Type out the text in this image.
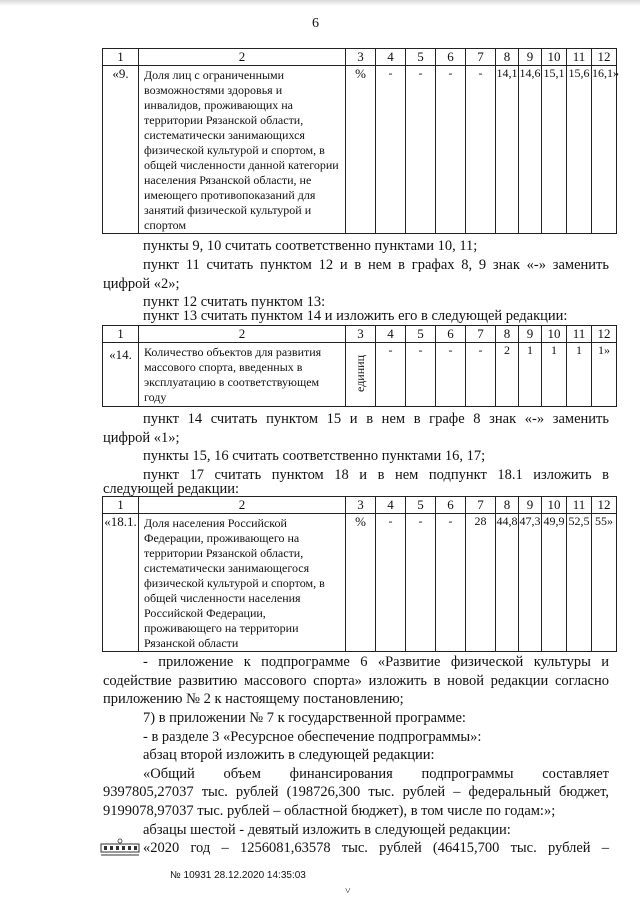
6
1	2	3	4	5	6	7	8	9	10	11	12
«9.	Доля лиц с ограниченными возможностями здоровья и инвалидов, проживающих на территории Рязанской области, систематически занимающихся физической культурой и спортом, в общей численности данной категории населения Рязанской области, не имеющего противопоказаний для занятий физической культурой и спортом	%	-	-	-	-	14,1	14,6	15,1	15,6	16,1»
пункты 9, 10 считать соответственно пунктами 10, 11;
пункт 11 считать пунктом 12 и в нем в графах 8, 9 знак «-» заменить
цифрой «2»;
пункт 12 считать пунктом 13:
пункт 13 считать пунктом 14 и изложить его в следующей редакции:
1	2	3	4	5	6	7	8	9	10	11	12
«14.	Количество объектов для развития массового спорта, введенных в эксплуатацию в соответствующем году	единиц	-	-	-	-	2	1	1	1	1»
пункт 14 считать пунктом 15 и в нем в графе 8 знак «-» заменить
цифрой «1»;
пункты 15, 16 считать соответственно пунктами 16, 17;
пункт 17 считать пунктом 18 и в нем подпункт 18.1 изложить в
следующей редакции:
1	2	3	4	5	6	7	8	9	10	11	12
«18.1.	Доля населения Российской Федерации, проживающего на территории Рязанской области, систематически занимающегося физической культурой и спортом, в общей численности населения Российской Федерации, проживающего на территории Рязанской области	%	-	-	-	28	44,8	47,3	49,9	52,5	55»
- приложение к подпрограмме 6 «Развитие физической культуры и
содействие развитию массового спорта» изложить в новой редакции согласно
приложению № 2 к настоящему постановлению;
7) в приложении № 7 к государственной программе:
- в разделе 3 «Ресурсное обеспечение подпрограммы»:
абзац второй изложить в следующей редакции:
«Общий объем финансирования подпрограммы составляет
9397805,27037 тыс. рублей (198726,300 тыс. рублей – федеральный бюджет,
9199078,97037 тыс. рублей – областной бюджет), в том числе по годам:»;
абзацы шестой - девятый изложить в следующей редакции:
«2020 год – 1256081,63578 тыс. рублей (46415,700 тыс. рублей –
№ 10931 28.12.2020 14:35:03
˅
